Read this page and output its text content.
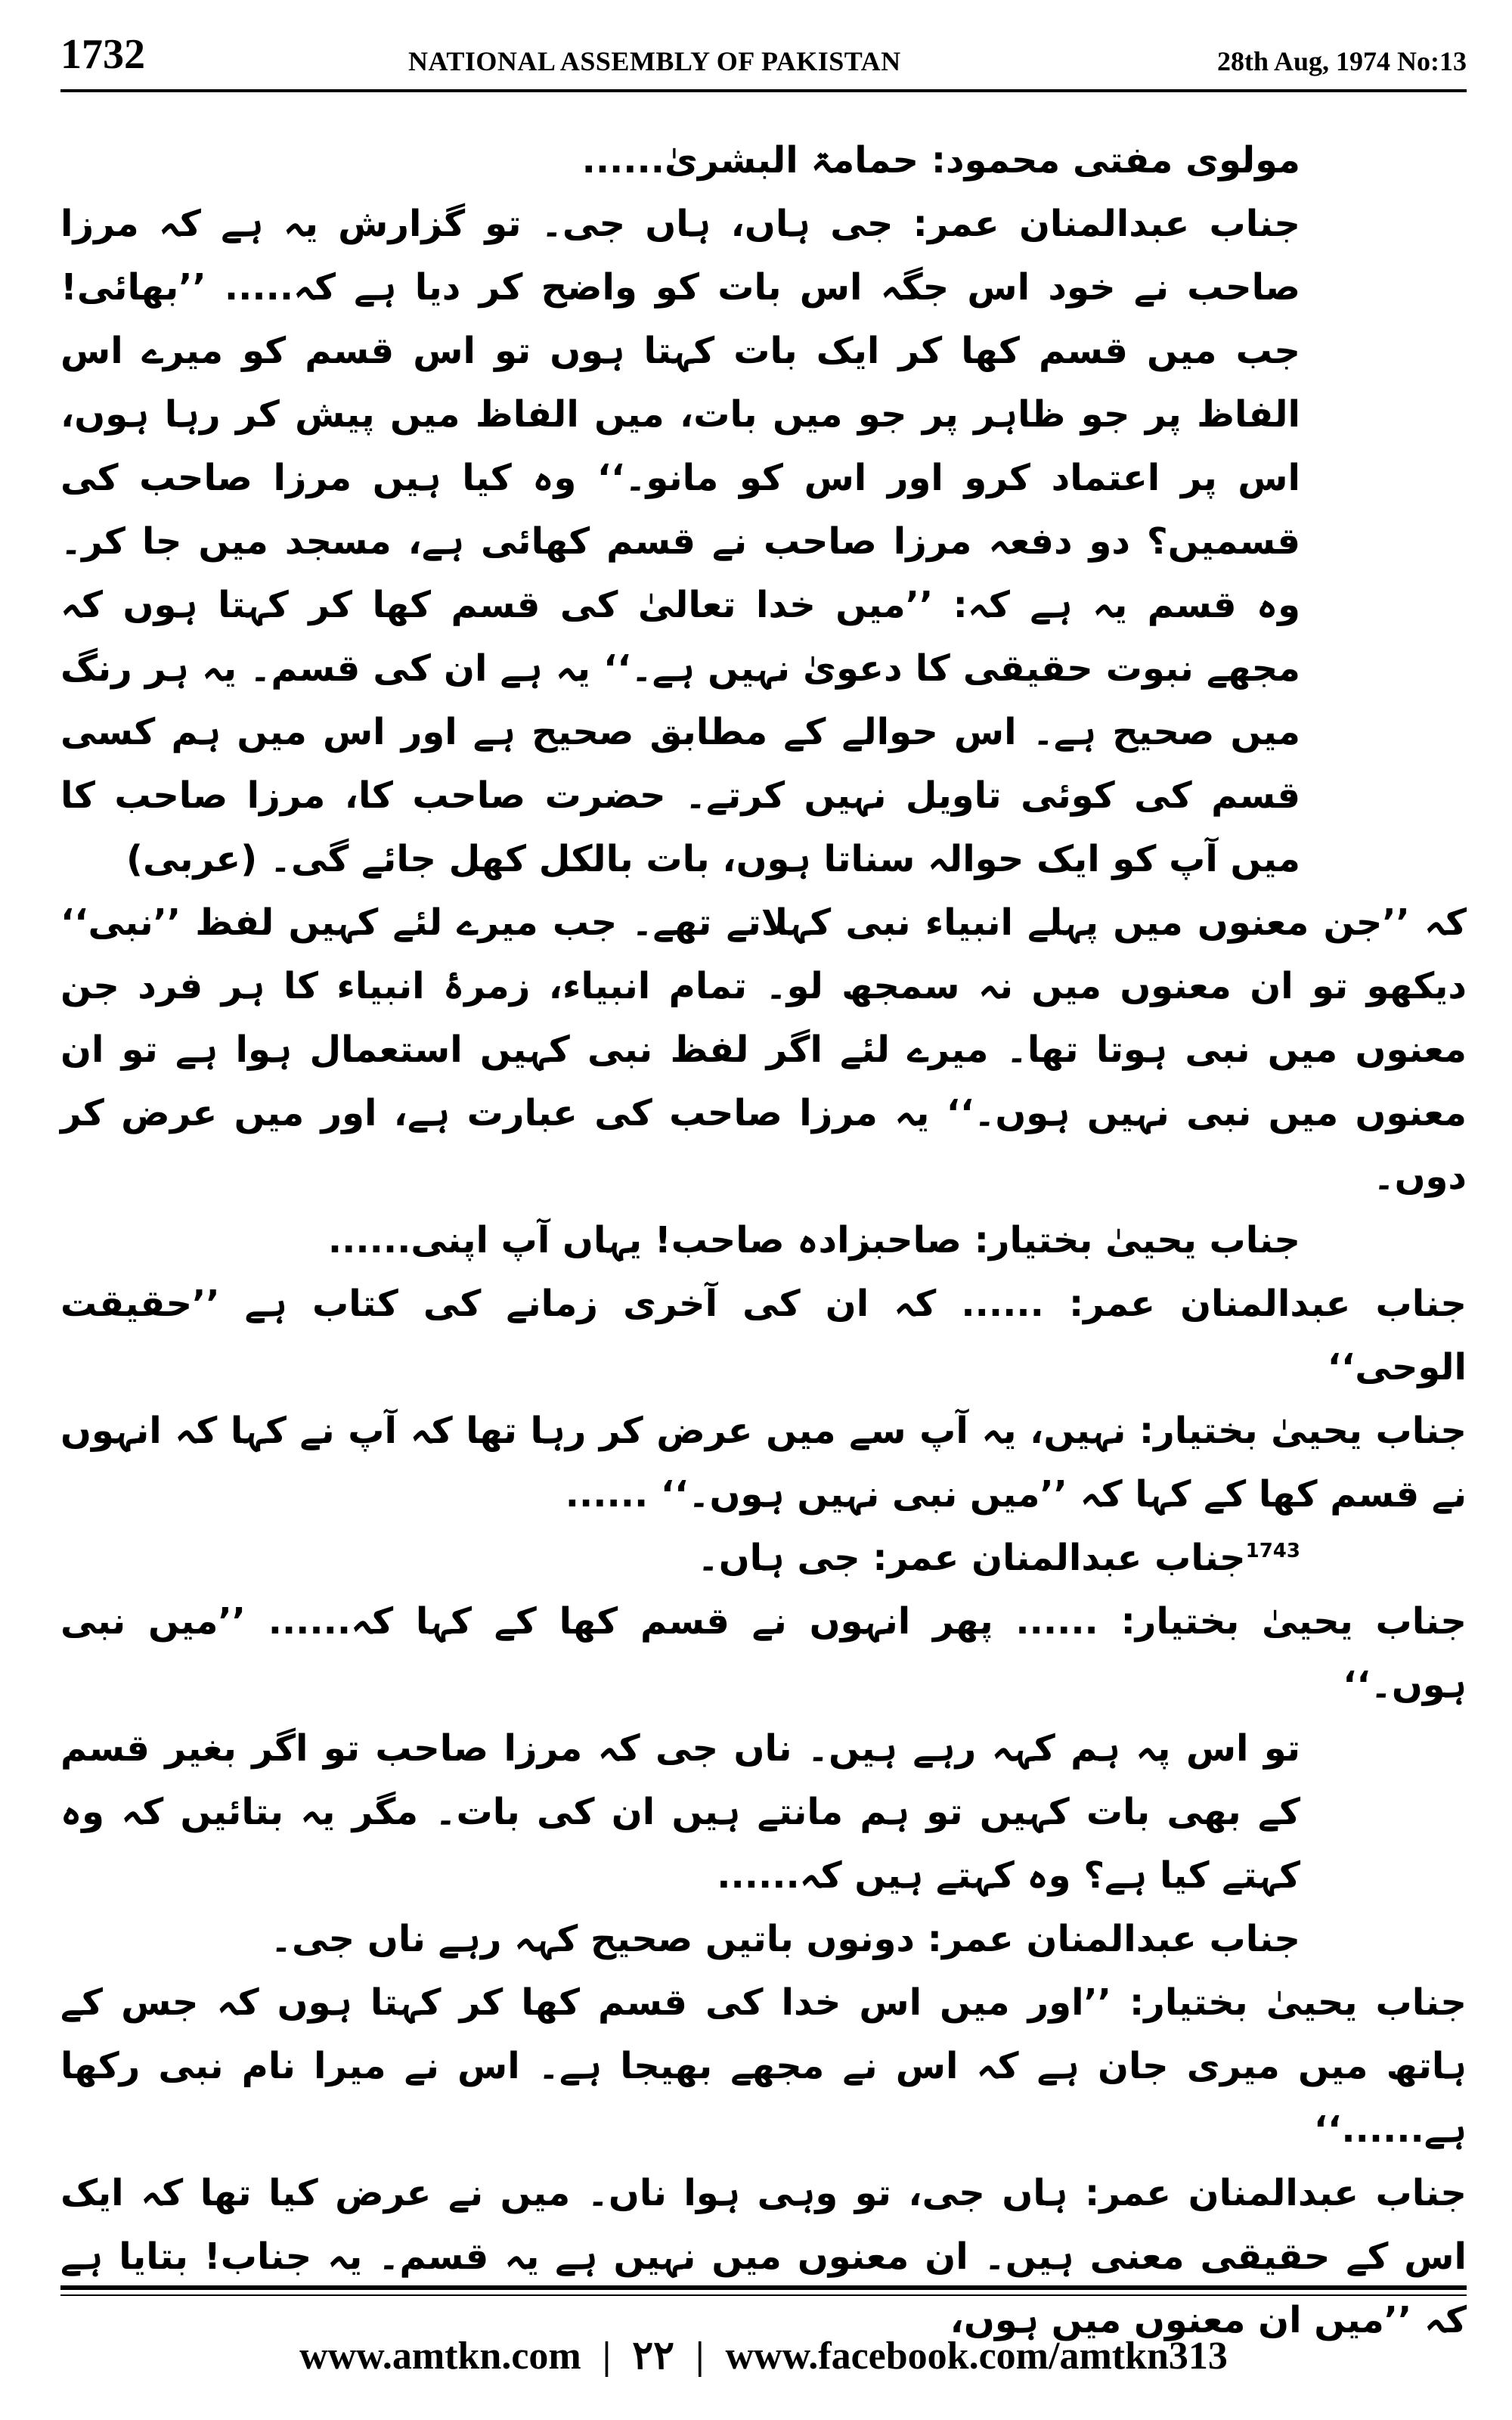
1732	NATIONAL ASSEMBLY OF PAKISTAN	28th Aug, 1974 No:13

مولوی مفتی محمود: حمامۃ البشریٰ......

جناب عبدالمنان عمر: جی ہاں، ہاں جی۔ تو گزارش یہ ہے کہ مرزا صاحب نے خود اس جگہ اس بات کو واضح کر دیا ہے کہ..... ’’بھائی! جب میں قسم کھا کر ایک بات کہتا ہوں تو اس قسم کو میرے اس الفاظ پر جو ظاہر پر جو میں بات، میں الفاظ میں پیش کر رہا ہوں، اس پر اعتماد کرو اور اس کو مانو۔‘‘ وہ کیا ہیں مرزا صاحب کی قسمیں؟ دو دفعہ مرزا صاحب نے قسم کھائی ہے، مسجد میں جا کر۔ وہ قسم یہ ہے کہ: ’’میں خدا تعالیٰ کی قسم کھا کر کہتا ہوں کہ مجھے نبوت حقیقی کا دعویٰ نہیں ہے۔‘‘ یہ ہے ان کی قسم۔ یہ ہر رنگ میں صحیح ہے۔ اس حوالے کے مطابق صحیح ہے اور اس میں ہم کسی قسم کی کوئی تاویل نہیں کرتے۔ حضرت صاحب کا، مرزا صاحب کا میں آپ کو ایک حوالہ سناتا ہوں، بات بالکل کھل جائے گی۔ (عربی)

کہ ’’جن معنوں میں پہلے انبیاء نبی کہلاتے تھے۔ جب میرے لئے کہیں لفظ ’’نبی‘‘ دیکھو تو ان معنوں میں نہ سمجھ لو۔ تمام انبیاء، زمرۂ انبیاء کا ہر فرد جن معنوں میں نبی ہوتا تھا۔ میرے لئے اگر لفظ نبی کہیں استعمال ہوا ہے تو ان معنوں میں نبی نہیں ہوں۔‘‘ یہ مرزا صاحب کی عبارت ہے، اور میں عرض کر دوں۔

جناب یحییٰ بختیار: صاحبزادہ صاحب! یہاں آپ اپنی......

جناب عبدالمنان عمر: ...... کہ ان کی آخری زمانے کی کتاب ہے ’’حقیقت الوحی‘‘

جناب یحییٰ بختیار: نہیں، یہ آپ سے میں عرض کر رہا تھا کہ آپ نے کہا کہ انہوں نے قسم کھا کے کہا کہ ’’میں نبی نہیں ہوں۔‘‘ ......

$^{1743}$جناب عبدالمنان عمر: جی ہاں۔

جناب یحییٰ بختیار: ...... پھر انہوں نے قسم کھا کے کہا کہ...... ’’میں نبی ہوں۔‘‘

تو اس پہ ہم کہہ رہے ہیں۔ ناں جی کہ مرزا صاحب تو اگر بغیر قسم کے بھی بات کہیں تو ہم مانتے ہیں ان کی بات۔ مگر یہ بتائیں کہ وہ کہتے کیا ہے؟ وہ کہتے ہیں کہ......

جناب عبدالمنان عمر: دونوں باتیں صحیح کہہ رہے ناں جی۔

جناب یحییٰ بختیار: ’’اور میں اس خدا کی قسم کھا کر کہتا ہوں کہ جس کے ہاتھ میں میری جان ہے کہ اس نے مجھے بھیجا ہے۔ اس نے میرا نام نبی رکھا ہے......‘‘

جناب عبدالمنان عمر: ہاں جی، تو وہی ہوا ناں۔ میں نے عرض کیا تھا کہ ایک اس کے حقیقی معنی ہیں۔ ان معنوں میں نہیں ہے یہ قسم۔ یہ جناب! بتایا ہے کہ ’’میں ان معنوں میں ہوں،

www.amtkn.com | ۲۲ | www.facebook.com/amtkn313
